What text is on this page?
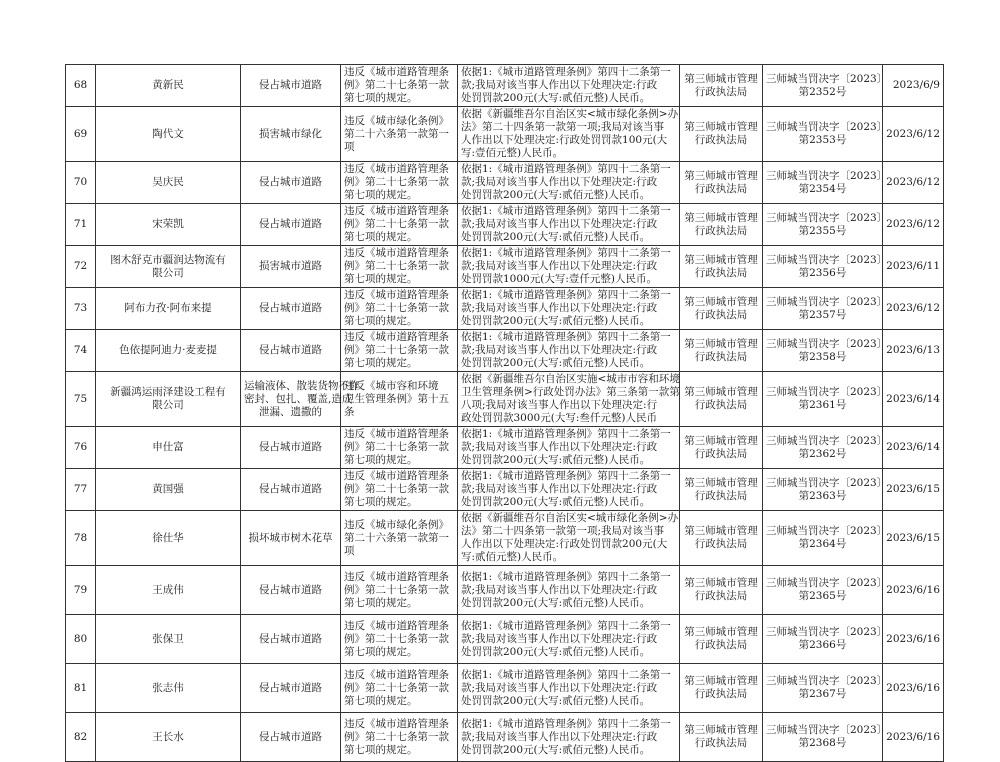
68	黄新民	侵占城市道路	违反《城市道路管理条
例》第二十七条第一款
第七项的规定。	依据1:《城市道路管理条例》第四十二条第一
款;我局对该当事人作出以下处理决定:行政
处罚罚款200元(大写:贰佰元整)人民币。	第三师城市管理
行政执法局	三师城当罚决字〔2023〕
第2352号	2023/6/9
69	陶代文	损害城市绿化	违反《城市绿化条例》
第二十六条第一款第一
项	依据《新疆维吾尔自治区实<城市绿化条例>办
法》第二十四条第一款第一项;我局对该当事
人作出以下处理决定:行政处罚罚款100元(大
写:壹佰元整)人民币。	第三师城市管理
行政执法局	三师城当罚决字〔2023〕
第2353号	2023/6/12
70	吴庆民	侵占城市道路	违反《城市道路管理条
例》第二十七条第一款
第七项的规定。	依据1:《城市道路管理条例》第四十二条第一
款;我局对该当事人作出以下处理决定:行政
处罚罚款200元(大写:贰佰元整)人民币。	第三师城市管理
行政执法局	三师城当罚决字〔2023〕
第2354号	2023/6/12
71	宋荣凯	侵占城市道路	违反《城市道路管理条
例》第二十七条第一款
第七项的规定。	依据1:《城市道路管理条例》第四十二条第一
款;我局对该当事人作出以下处理决定:行政
处罚罚款200元(大写:贰佰元整)人民币。	第三师城市管理
行政执法局	三师城当罚决字〔2023〕
第2355号	2023/6/12
72	图木舒克市疆润达物流有
限公司	损害城市道路	违反《城市道路管理条
例》第二十七条第一款
第七项的规定。	依据1:《城市道路管理条例》第四十二条第一
款;我局对该当事人作出以下处理决定:行政
处罚罚款1000元(大写:壹仟元整)人民币。	第三师城市管理
行政执法局	三师城当罚决字〔2023〕
第2356号	2023/6/11
73	阿布力孜·阿布来提	侵占城市道路	违反《城市道路管理条
例》第二十七条第一款
第七项的规定。	依据1:《城市道路管理条例》第四十二条第一
款;我局对该当事人作出以下处理决定:行政
处罚罚款200元(大写:贰佰元整)人民币。	第三师城市管理
行政执法局	三师城当罚决字〔2023〕
第2357号	2023/6/12
74	色依提阿迪力·麦麦提	侵占城市道路	违反《城市道路管理条
例》第二十七条第一款
第七项的规定。	依据1:《城市道路管理条例》第四十二条第一
款;我局对该当事人作出以下处理决定:行政
处罚罚款200元(大写:贰佰元整)人民币。	第三师城市管理
行政执法局	三师城当罚决字〔2023〕
第2358号	2023/6/13
75	新疆鸿运雨泽建设工程有
限公司	运输液体、散装货物不作
密封、包扎、覆盖,造成
泄漏、遗撒的	违反《城市容和环境
卫生管理条例》第十五
条	依据《新疆维吾尔自治区实施<城市市容和环境
卫生管理条例>行政处罚办法》第三条第一款第
八项;我局对该当事人作出以下处理决定:行
政处罚罚款3000元(大写:叁仟元整)人民币	第三师城市管理
行政执法局	三师城当罚决字〔2023〕
第2361号	2023/6/14
76	申仕富	侵占城市道路	违反《城市道路管理条
例》第二十七条第一款
第七项的规定。	依据1:《城市道路管理条例》第四十二条第一
款;我局对该当事人作出以下处理决定:行政
处罚罚款200元(大写:贰佰元整)人民币。	第三师城市管理
行政执法局	三师城当罚决字〔2023〕
第2362号	2023/6/14
77	黄国强	侵占城市道路	违反《城市道路管理条
例》第二十七条第一款
第七项的规定。	依据1:《城市道路管理条例》第四十二条第一
款;我局对该当事人作出以下处理决定:行政
处罚罚款200元(大写:贰佰元整)人民币。	第三师城市管理
行政执法局	三师城当罚决字〔2023〕
第2363号	2023/6/15
78	徐仕华	损坏城市树木花草	违反《城市绿化条例》
第二十六条第一款第一
项	依据《新疆维吾尔自治区实<城市绿化条例>办
法》第二十四条第一款第一项;我局对该当事
人作出以下处理决定:行政处罚罚款200元(大
写:贰佰元整)人民币。	第三师城市管理
行政执法局	三师城当罚决字〔2023〕
第2364号	2023/6/15
79	王成伟	侵占城市道路	违反《城市道路管理条
例》第二十七条第一款
第七项的规定。	依据1:《城市道路管理条例》第四十二条第一
款;我局对该当事人作出以下处理决定:行政
处罚罚款200元(大写:贰佰元整)人民币。	第三师城市管理
行政执法局	三师城当罚决字〔2023〕
第2365号	2023/6/16
80	张保卫	侵占城市道路	违反《城市道路管理条
例》第二十七条第一款
第七项的规定。	依据1:《城市道路管理条例》第四十二条第一
款;我局对该当事人作出以下处理决定:行政
处罚罚款200元(大写:贰佰元整)人民币。	第三师城市管理
行政执法局	三师城当罚决字〔2023〕
第2366号	2023/6/16
81	张志伟	侵占城市道路	违反《城市道路管理条
例》第二十七条第一款
第七项的规定。	依据1:《城市道路管理条例》第四十二条第一
款;我局对该当事人作出以下处理决定:行政
处罚罚款200元(大写:贰佰元整)人民币。	第三师城市管理
行政执法局	三师城当罚决字〔2023〕
第2367号	2023/6/16
82	王长水	侵占城市道路	违反《城市道路管理条
例》第二十七条第一款
第七项的规定。	依据1:《城市道路管理条例》第四十二条第一
款;我局对该当事人作出以下处理决定:行政
处罚罚款200元(大写:贰佰元整)人民币。	第三师城市管理
行政执法局	三师城当罚决字〔2023〕
第2368号	2023/6/16
